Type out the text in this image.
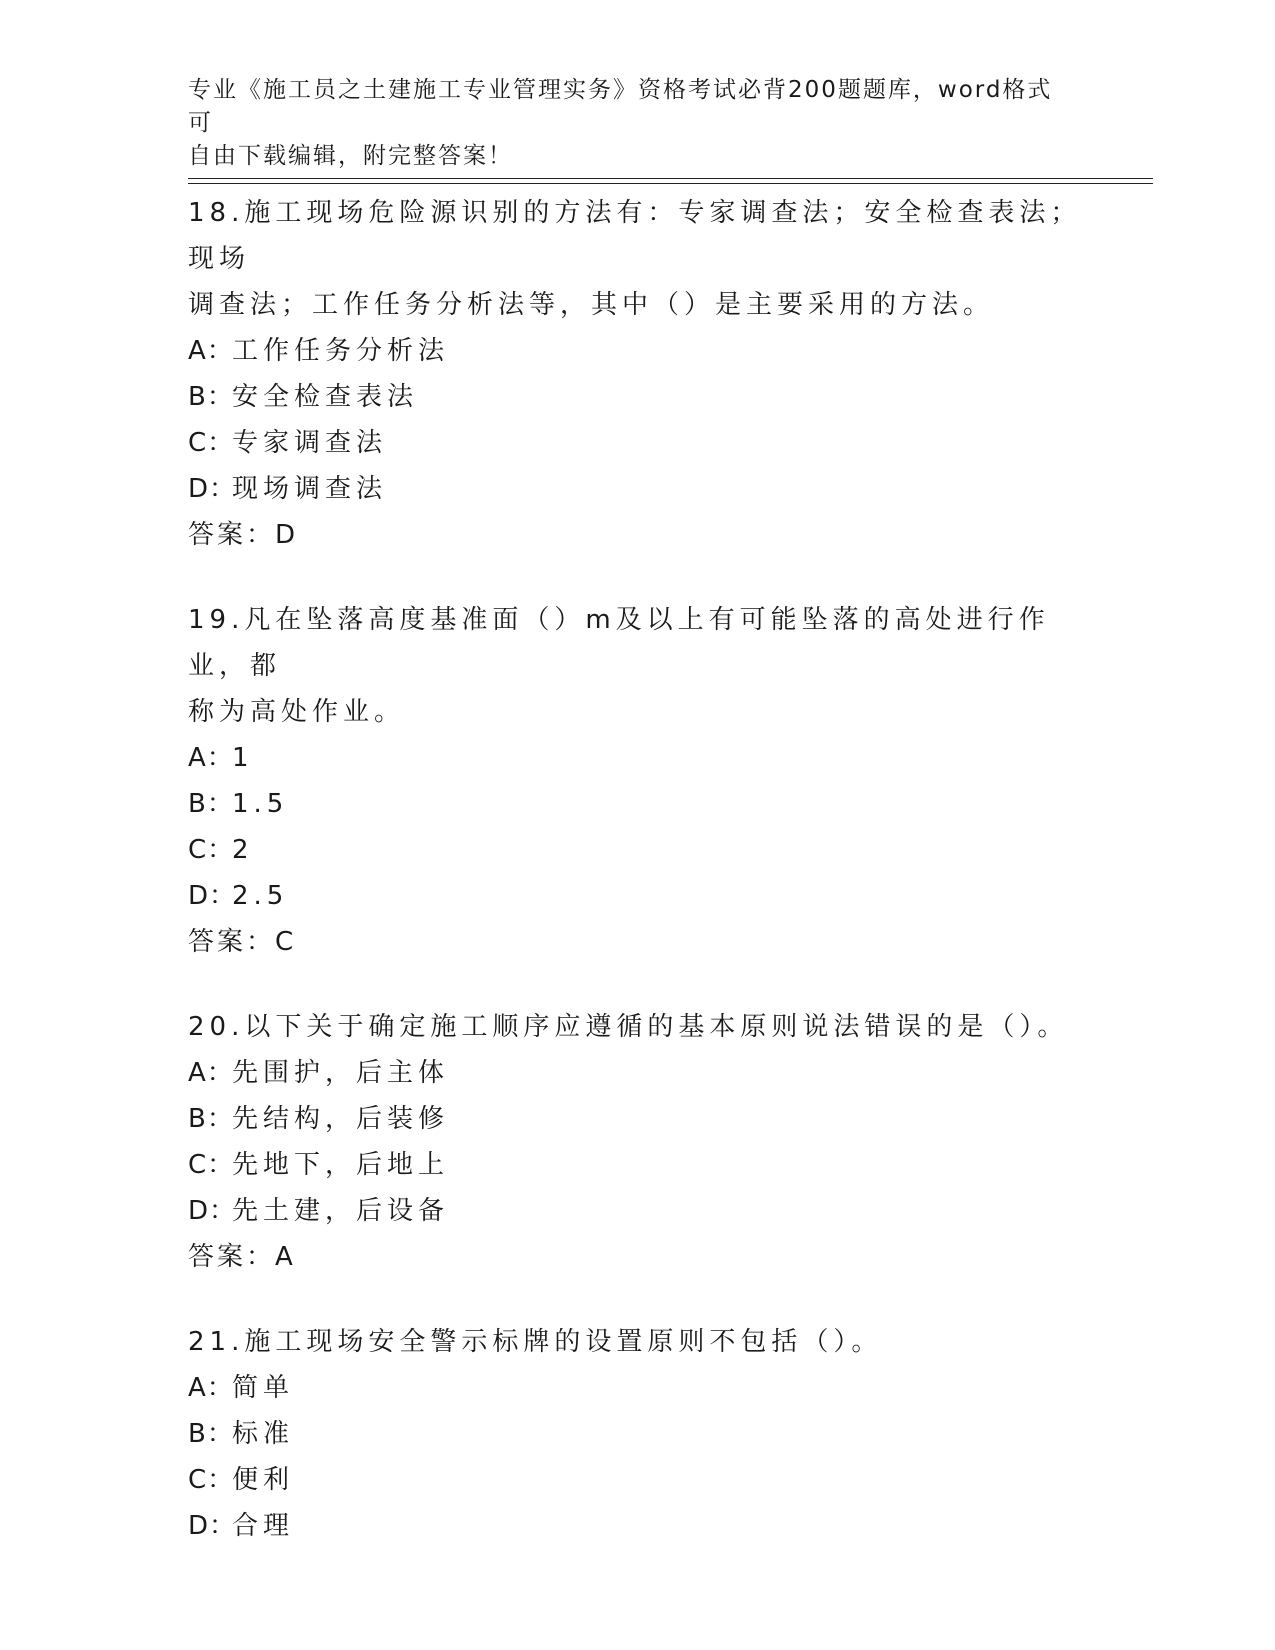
专业《施工员之土建施工专业管理实务》资格考试必背200题题库，word格式可
自由下载编辑，附完整答案！
18.施工现场危险源识别的方法有：专家调查法；安全检查表法；现场
调查法；工作任务分析法等，其中（）是主要采用的方法。
A：工作任务分析法
B：安全检查表法
C：专家调查法
D：现场调查法
答案：D
19.凡在坠落高度基准面（）m及以上有可能坠落的高处进行作业，都
称为高处作业。
A：1
B：1.5
C：2
D：2.5
答案：C
20.以下关于确定施工顺序应遵循的基本原则说法错误的是（）。
A：先围护，后主体
B：先结构，后装修
C：先地下，后地上
D：先土建，后设备
答案：A
21.施工现场安全警示标牌的设置原则不包括（）。
A：简单
B：标准
C：便利
D：合理
